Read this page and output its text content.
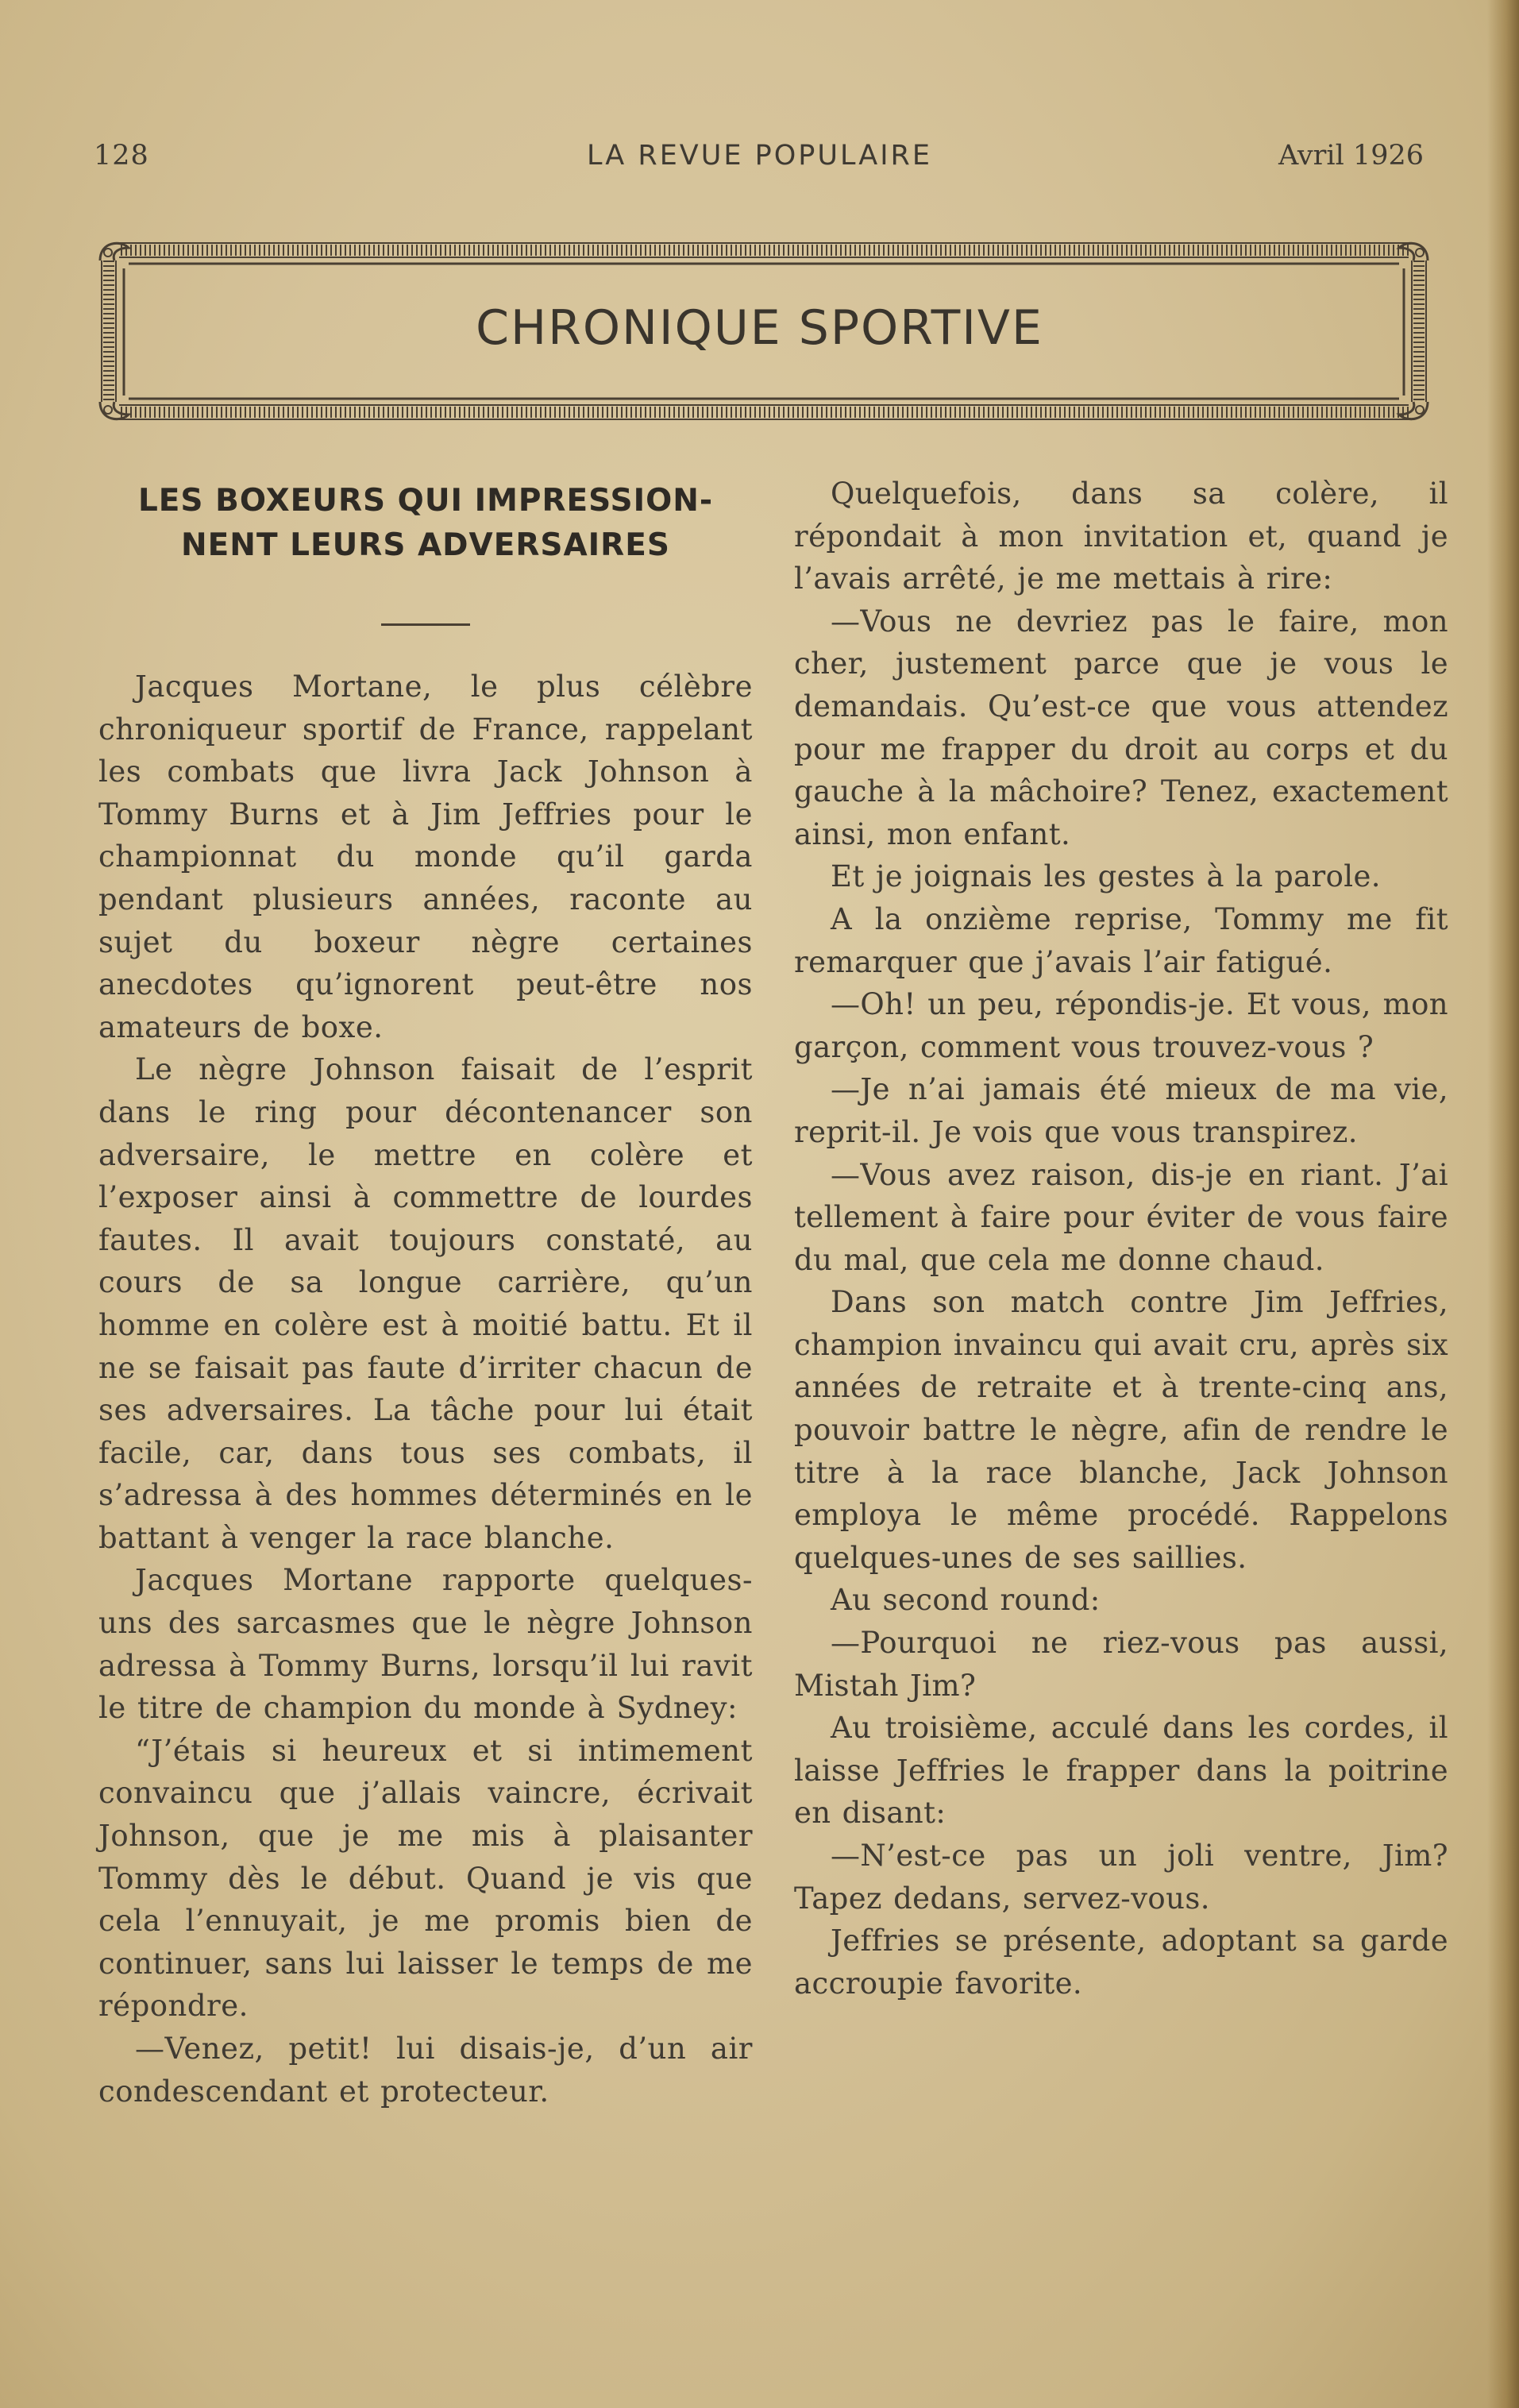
128	LA REVUE POPULAIRE	Avril 1926
CHRONIQUE SPORTIVE
LES BOXEURS QUI IMPRESSION-NENT LEURS ADVERSAIRES

Jacques Mortane, le plus célèbre chroniqueur sportif de France, rappelant les combats que livra Jack Johnson à Tommy Burns et à Jim Jeffries pour le championnat du monde qu’il garda pendant plusieurs années, raconte au sujet du boxeur nègre certaines anecdotes qu’ignorent peut-être nos amateurs de boxe.

Le nègre Johnson faisait de l’esprit dans le ring pour décontenancer son adversaire, le mettre en colère et l’exposer ainsi à commettre de lourdes fautes. Il avait toujours constaté, au cours de sa longue carrière, qu’un homme en colère est à moitié battu. Et il ne se faisait pas faute d’irriter chacun de ses adversaires. La tâche pour lui était facile, car, dans tous ses combats, il s’adressa à des hommes déterminés en le battant à venger la race blanche.

Jacques Mortane rapporte quelques-uns des sarcasmes que le nègre Johnson adressa à Tommy Burns, lorsqu’il lui ravit le titre de champion du monde à Sydney:

“J’étais si heureux et si intimement convaincu que j’allais vaincre, écrivait Johnson, que je me mis à plaisanter Tommy dès le début. Quand je vis que cela l’ennuyait, je me promis bien de continuer, sans lui laisser le temps de me répondre.

—Venez, petit! lui disais-je, d’un air condescendant et protecteur.

Quelquefois, dans sa colère, il répondait à mon invitation et, quand je l’avais arrêté, je me mettais à rire:

—Vous ne devriez pas le faire, mon cher, justement parce que je vous le demandais. Qu’est-ce que vous attendez pour me frapper du droit au corps et du gauche à la mâchoire? Tenez, exactement ainsi, mon enfant.

Et je joignais les gestes à la parole.

A la onzième reprise, Tommy me fit remarquer que j’avais l’air fatigué.

—Oh! un peu, répondis-je. Et vous, mon garçon, comment vous trouvez-vous ?

—Je n’ai jamais été mieux de ma vie, reprit-il. Je vois que vous transpirez.

—Vous avez raison, dis-je en riant. J’ai tellement à faire pour éviter de vous faire du mal, que cela me donne chaud.

Dans son match contre Jim Jeffries, champion invaincu qui avait cru, après six années de retraite et à trente-cinq ans, pouvoir battre le nègre, afin de rendre le titre à la race blanche, Jack Johnson employa le même procédé. Rappelons quelques-unes de ses saillies.

Au second round:

—Pourquoi ne riez-vous pas aussi, Mistah Jim?

Au troisième, acculé dans les cordes, il laisse Jeffries le frapper dans la poitrine en disant:

—N’est-ce pas un joli ventre, Jim? Tapez dedans, servez-vous.

Jeffries se présente, adoptant sa garde accroupie favorite.
